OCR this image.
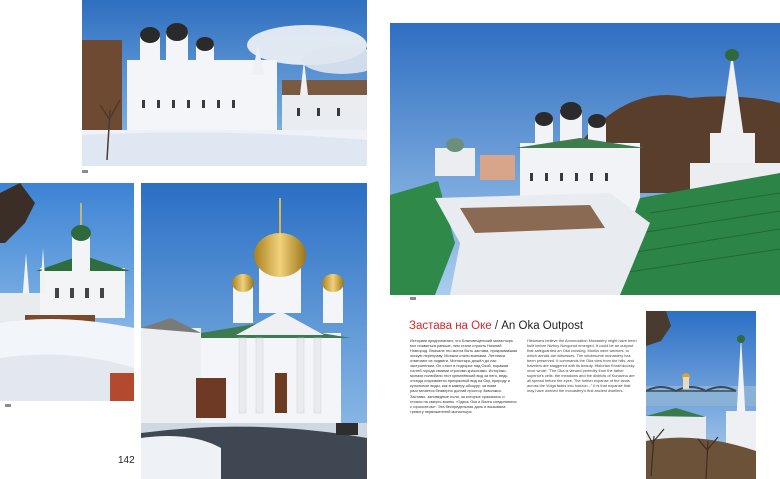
142
Застава на Оке / An Oka Outpost

Историки предполагают, что Благовещенский монастырь мог появиться раньше, чем стали строить Нижний Новгород. Вначале это могла быть застава, прикрывавшая окскую переправу. Монахи стали воинами. Летописи отмечают их подвиги. Монастырь дошёл до нас застроенным. Он стоит в подгорье над Окой, поражая гостей города своими строгими красотами. Историки, монахи полюбили этот кремлёвский вид за него, ведь отсюда открывается прекрасный вид на Оку, природу и купольные виды, как в камеру-обскуру: за ними расстилается безмерно долгий простор Заволжья. Заставы, заповедные поля, за которые сражались и стояли на смерть воины. «Здесь Ока и Волга соединяются с горизонтом». Эта беспредельная даль и вызывала тревогу первожителей монастыря.

Historians believe the Annunciation Monastery might have been built before Nizhny Novgorod emerged. It could be an outpost that safeguarded an Oka crossing. Monks were warriors, to which annals are witnesses. The wholesome monastery has been preserved. It commands the Oka view from the hills, and travelers are staggered with its beauty. Historian Khrarhkovsky once wrote: "The Oka is viewed perfectly from the father superior's cells: the meadows and the districts of Kunavino are all spread before the eyes. The further expanse of the lands across the Volga fades into horizon..." It is that expanse that may have worried the monastery's first ancient dwellers.
